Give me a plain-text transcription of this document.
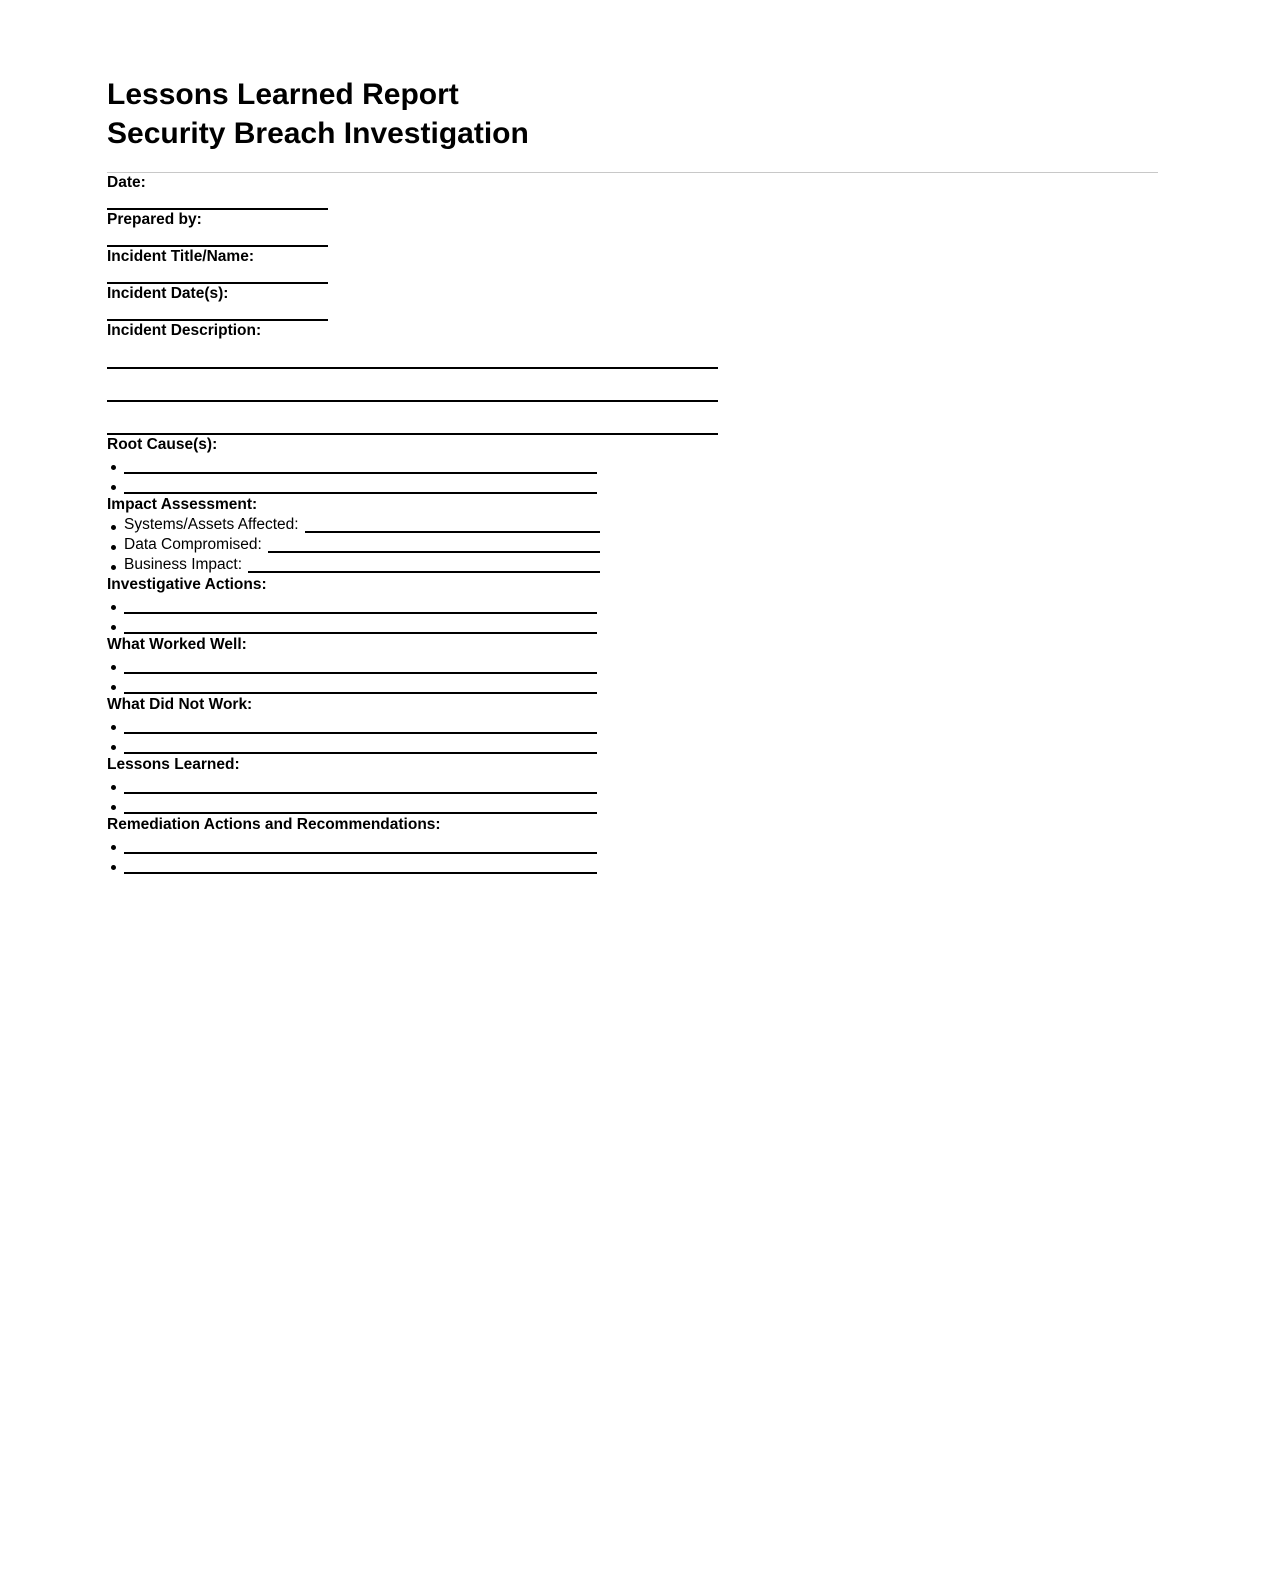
Lessons Learned Report
Security Breach Investigation

Date:

Prepared by:

Incident Title/Name:

Incident Date(s):

Incident Description:

Root Cause(s):

Impact Assessment:

Systems/Assets Affected:
Data Compromised:
Business Impact:

Investigative Actions:

What Worked Well:

What Did Not Work:

Lessons Learned:

Remediation Actions and Recommendations:
